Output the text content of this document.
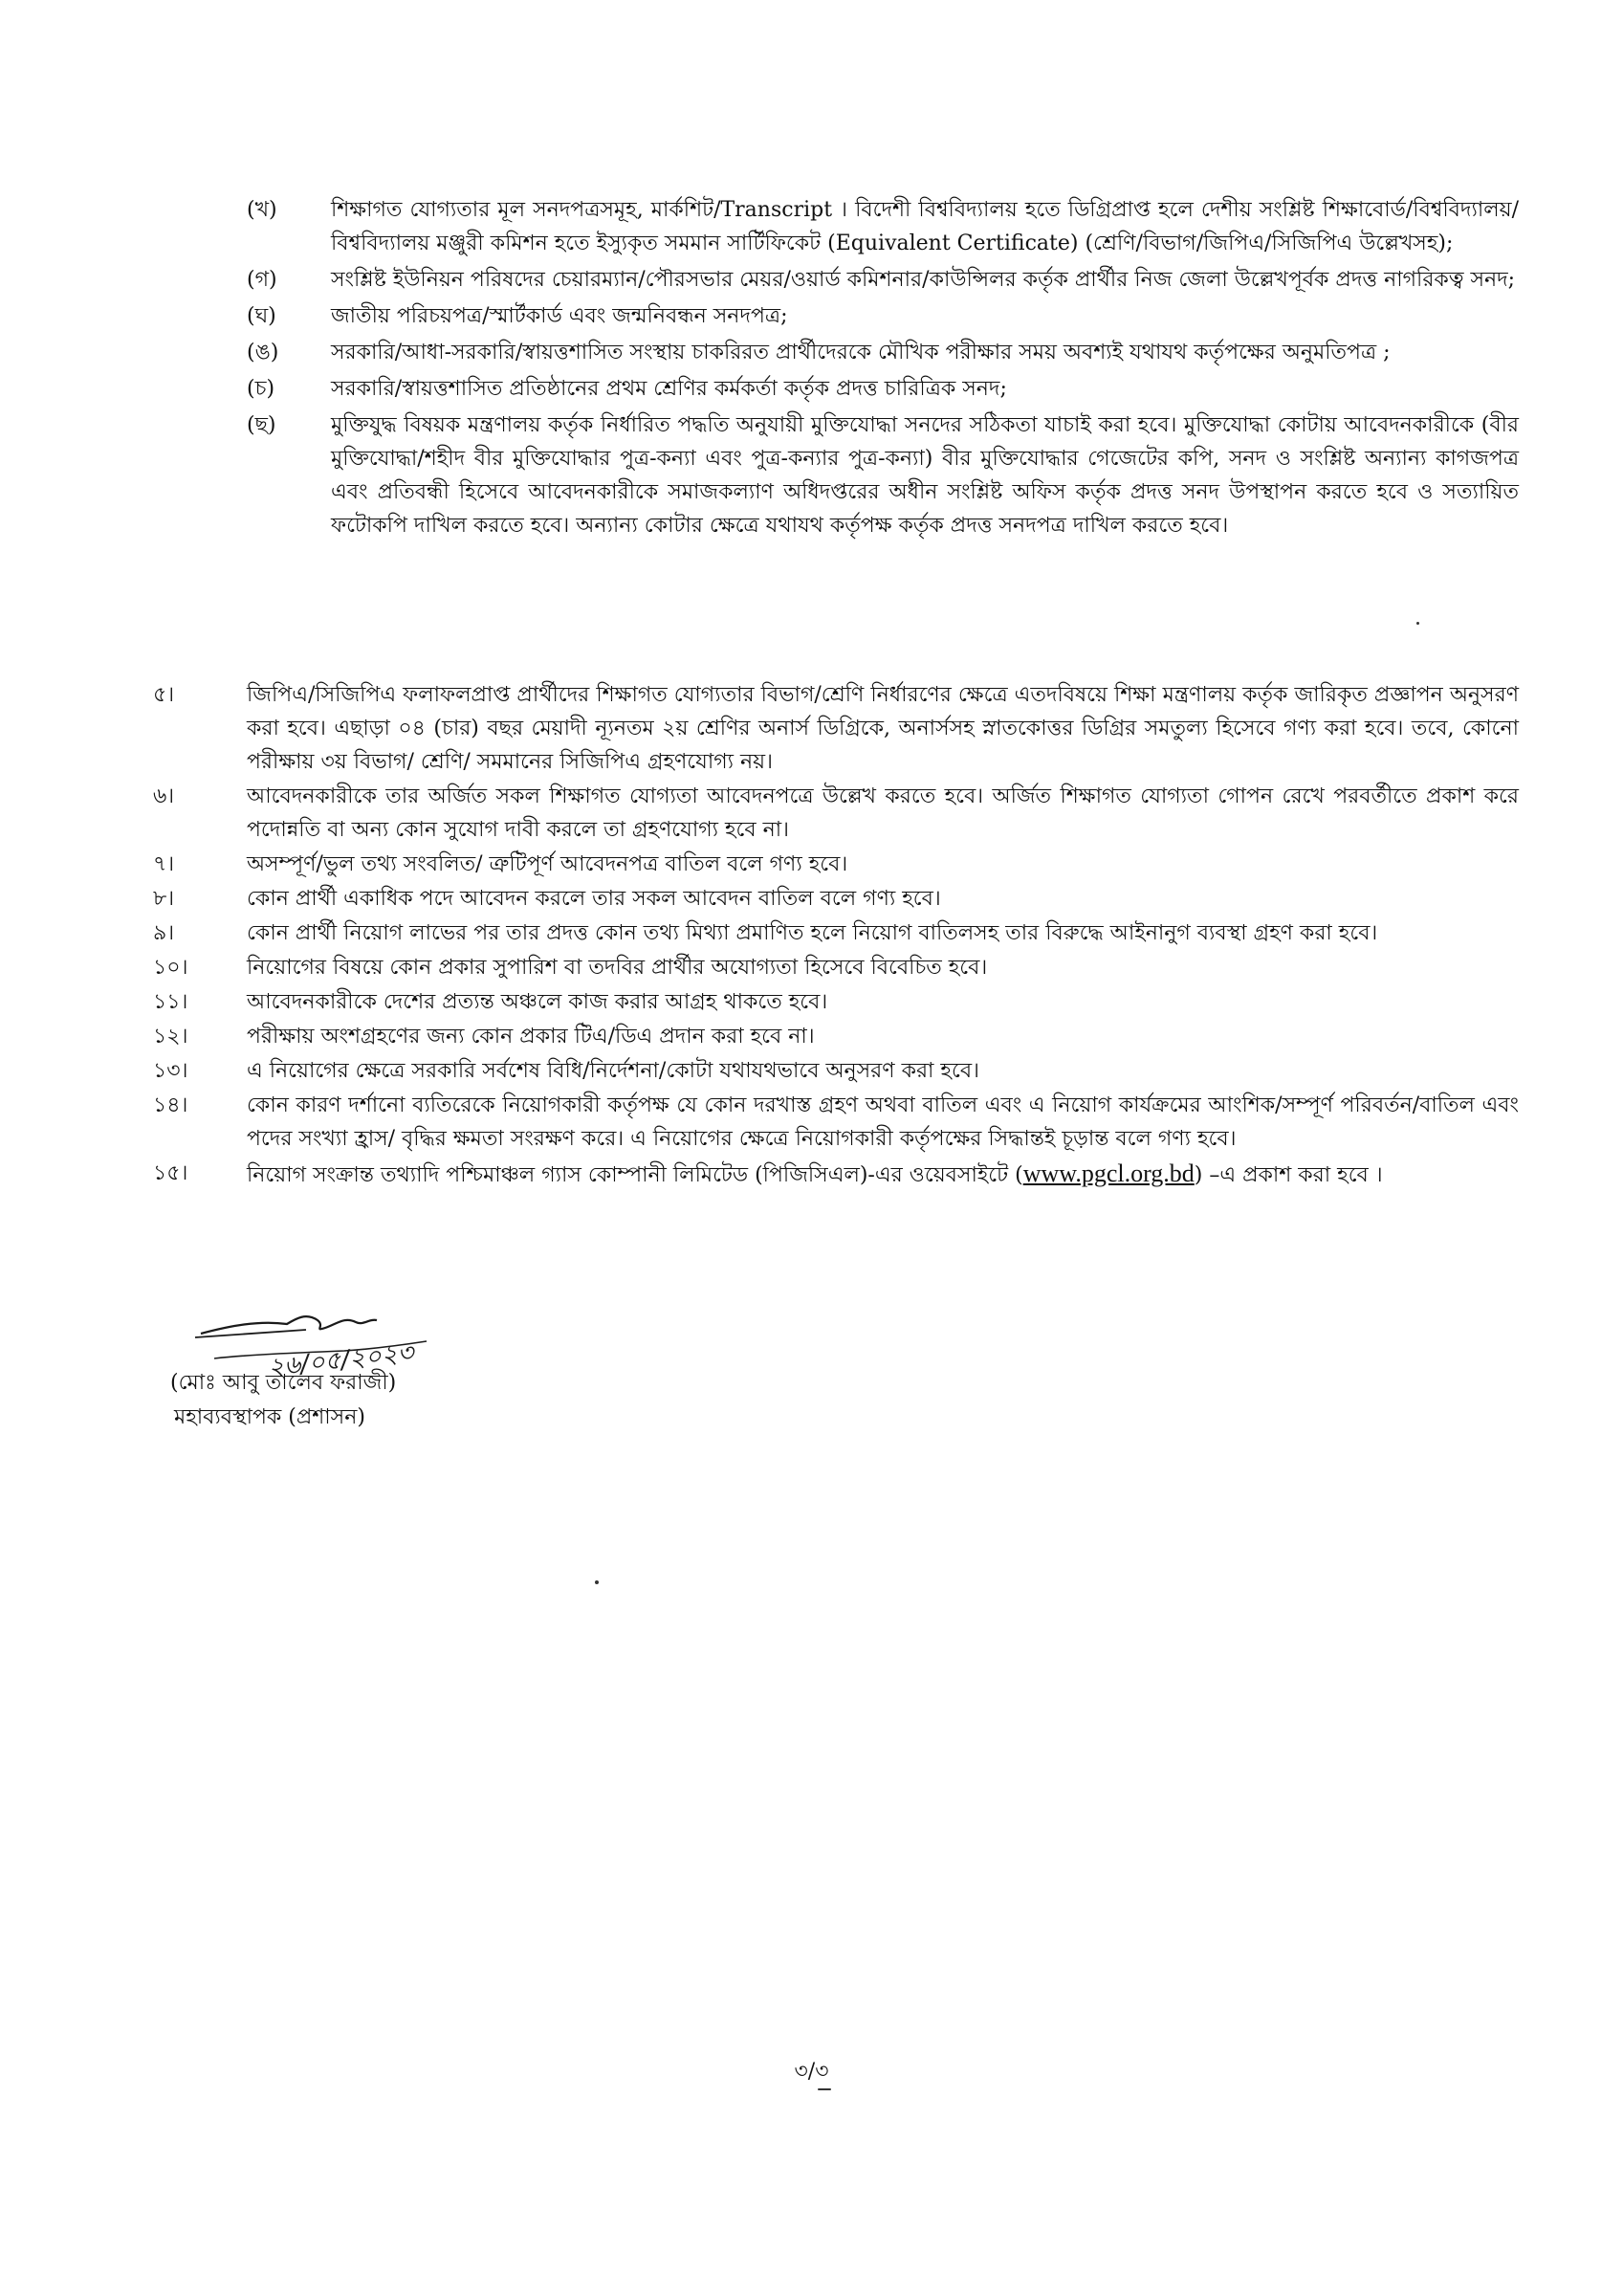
(খ)	শিক্ষাগত যোগ্যতার মূল সনদপত্রসমূহ, মার্কশিট/Transcript । বিদেশী বিশ্ববিদ্যালয় হতে ডিগ্রিপ্রাপ্ত হলে দেশীয় সংশ্লিষ্ট শিক্ষাবোর্ড/বিশ্ববিদ্যালয়/বিশ্ববিদ্যালয় মঞ্জুরী কমিশন হতে ইস্যুকৃত সমমান সার্টিফিকেট (Equivalent Certificate) (শ্রেণি/বিভাগ/জিপিএ/সিজিপিএ উল্লেখসহ);
(গ)	সংশ্লিষ্ট ইউনিয়ন পরিষদের চেয়ারম্যান/পৌরসভার মেয়র/ওয়ার্ড কমিশনার/কাউন্সিলর কর্তৃক প্রার্থীর নিজ জেলা উল্লেখপূর্বক প্রদত্ত নাগরিকত্ব সনদ;
(ঘ)	জাতীয় পরিচয়পত্র/স্মার্টকার্ড এবং জন্মনিবন্ধন সনদপত্র;
(ঙ)	সরকারি/আধা-সরকারি/স্বায়ত্তশাসিত সংস্থায় চাকরিরত প্রার্থীদেরকে মৌখিক পরীক্ষার সময় অবশ্যই যথাযথ কর্তৃপক্ষের অনুমতিপত্র ;
(চ)	সরকারি/স্বায়ত্তশাসিত প্রতিষ্ঠানের প্রথম শ্রেণির কর্মকর্তা কর্তৃক প্রদত্ত চারিত্রিক সনদ;
(ছ)	মুক্তিযুদ্ধ বিষয়ক মন্ত্রণালয় কর্তৃক নির্ধারিত পদ্ধতি অনুযায়ী মুক্তিযোদ্ধা সনদের সঠিকতা যাচাই করা হবে। মুক্তিযোদ্ধা কোটায় আবেদনকারীকে (বীর মুক্তিযোদ্ধা/শহীদ বীর মুক্তিযোদ্ধার পুত্র-কন্যা এবং পুত্র-কন্যার পুত্র-কন্যা) বীর মুক্তিযোদ্ধার গেজেটের কপি, সনদ ও সংশ্লিষ্ট অন্যান্য কাগজপত্র এবং প্রতিবন্ধী হিসেবে আবেদনকারীকে সমাজকল্যাণ অধিদপ্তরের অধীন সংশ্লিষ্ট অফিস কর্তৃক প্রদত্ত সনদ উপস্থাপন করতে হবে ও সত্যায়িত ফটোকপি দাখিল করতে হবে। অন্যান্য কোটার ক্ষেত্রে যথাযথ কর্তৃপক্ষ কর্তৃক প্রদত্ত সনদপত্র দাখিল করতে হবে।
৫।	জিপিএ/সিজিপিএ ফলাফলপ্রাপ্ত প্রার্থীদের শিক্ষাগত যোগ্যতার বিভাগ/শ্রেণি নির্ধারণের ক্ষেত্রে এতদবিষয়ে শিক্ষা মন্ত্রণালয় কর্তৃক জারিকৃত প্রজ্ঞাপন অনুসরণ করা হবে। এছাড়া ০৪ (চার) বছর মেয়াদী ন্যূনতম ২য় শ্রেণির অনার্স ডিগ্রিকে, অনার্সসহ স্নাতকোত্তর ডিগ্রির সমতুল্য হিসেবে গণ্য করা হবে। তবে, কোনো পরীক্ষায় ৩য় বিভাগ/ শ্রেণি/ সমমানের সিজিপিএ গ্রহণযোগ্য নয়।
৬।	আবেদনকারীকে তার অর্জিত সকল শিক্ষাগত যোগ্যতা আবেদনপত্রে উল্লেখ করতে হবে। অর্জিত শিক্ষাগত যোগ্যতা গোপন রেখে পরবর্তীতে প্রকাশ করে পদোন্নতি বা অন্য কোন সুযোগ দাবী করলে তা গ্রহণযোগ্য হবে না।
৭।	অসম্পূর্ণ/ভুল তথ্য সংবলিত/ ত্রুটিপূর্ণ আবেদনপত্র বাতিল বলে গণ্য হবে।
৮।	কোন প্রার্থী একাধিক পদে আবেদন করলে তার সকল আবেদন বাতিল বলে গণ্য হবে।
৯।	কোন প্রার্থী নিয়োগ লাভের পর তার প্রদত্ত কোন তথ্য মিথ্যা প্রমাণিত হলে নিয়োগ বাতিলসহ তার বিরুদ্ধে আইনানুগ ব্যবস্থা গ্রহণ করা হবে।
১০।	নিয়োগের বিষয়ে কোন প্রকার সুপারিশ বা তদবির প্রার্থীর অযোগ্যতা হিসেবে বিবেচিত হবে।
১১।	আবেদনকারীকে দেশের প্রত্যন্ত অঞ্চলে কাজ করার আগ্রহ থাকতে হবে।
১২।	পরীক্ষায় অংশগ্রহণের জন্য কোন প্রকার টিএ/ডিএ প্রদান করা হবে না।
১৩।	এ নিয়োগের ক্ষেত্রে সরকারি সর্বশেষ বিধি/নির্দেশনা/কোটা যথাযথভাবে অনুসরণ করা হবে।
১৪।	কোন কারণ দর্শানো ব্যতিরেকে নিয়োগকারী কর্তৃপক্ষ যে কোন দরখাস্ত গ্রহণ অথবা বাতিল এবং এ নিয়োগ কার্যক্রমের আংশিক/সম্পূর্ণ পরিবর্তন/বাতিল এবং পদের সংখ্যা হ্রাস/ বৃদ্ধির ক্ষমতা সংরক্ষণ করে। এ নিয়োগের ক্ষেত্রে নিয়োগকারী কর্তৃপক্ষের সিদ্ধান্তই চূড়ান্ত বলে গণ্য হবে।
১৫।	নিয়োগ সংক্রান্ত তথ্যাদি পশ্চিমাঞ্চল গ্যাস কোম্পানী লিমিটেড (পিজিসিএল)-এর ওয়েবসাইটে (www.pgcl.org.bd) –এ প্রকাশ করা হবে ।
২৬/০৫/২০২৩
(মোঃ আবু তালেব ফরাজী)
মহাব্যবস্থাপক (প্রশাসন)
৩/৩
